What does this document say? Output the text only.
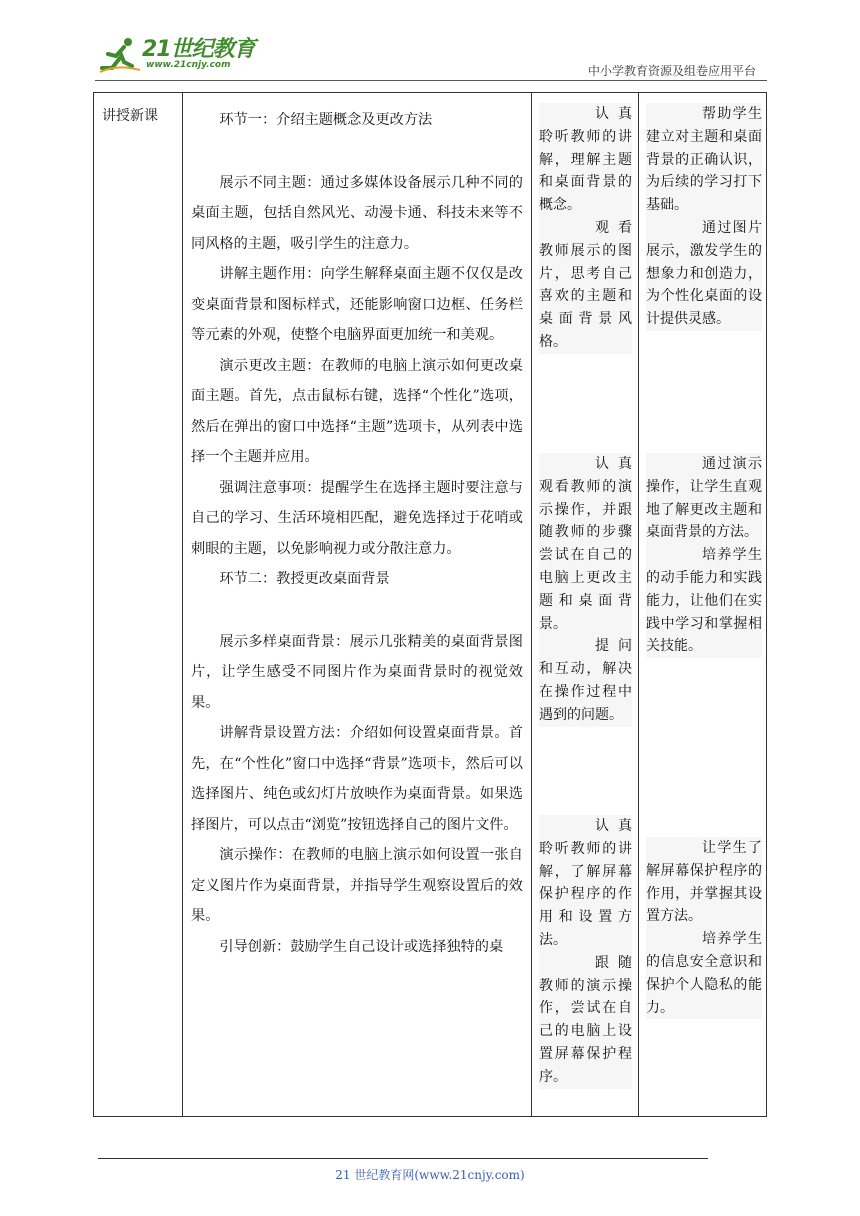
21世纪教育
www.21cnjy.com	中小学教育资源及组卷应用平台
讲授新课	环节一：介绍主题概念及更改方法

展示不同主题：通过多媒体设备展示几种不同的桌面主题，包括自然风光、动漫卡通、科技未来等不同风格的主题，吸引学生的注意力。

讲解主题作用：向学生解释桌面主题不仅仅是改变桌面背景和图标样式，还能影响窗口边框、任务栏等元素的外观，使整个电脑界面更加统一和美观。

演示更改主题：在教师的电脑上演示如何更改桌面主题。首先，点击鼠标右键，选择“个性化”选项，然后在弹出的窗口中选择“主题”选项卡，从列表中选择一个主题并应用。

强调注意事项：提醒学生在选择主题时要注意与自己的学习、生活环境相匹配，避免选择过于花哨或刺眼的主题，以免影响视力或分散注意力。

环节二：教授更改桌面背景

展示多样桌面背景：展示几张精美的桌面背景图片，让学生感受不同图片作为桌面背景时的视觉效果。

讲解背景设置方法：介绍如何设置桌面背景。首先，在“个性化”窗口中选择“背景”选项卡，然后可以选择图片、纯色或幻灯片放映作为桌面背景。如果选择图片，可以点击“浏览”按钮选择自己的图片文件。

演示操作：在教师的电脑上演示如何设置一张自定义图片作为桌面背景，并指导学生观察设置后的效果。

引导创新：鼓励学生自己设计或选择独特的桌

认真聆听教师的讲解，理解主题和桌面背景的概念。

观看教师展示的图片，思考自己喜欢的主题和桌面背景风格。

认真观看教师的演示操作，并跟随教师的步骤尝试在自己的电脑上更改主题和桌面背景。

提问和互动，解决在操作过程中遇到的问题。

认真聆听教师的讲解，了解屏幕保护程序的作用和设置方法。

跟随教师的演示操作，尝试在自己的电脑上设置屏幕保护程序。

帮助学生建立对主题和桌面背景的正确认识，为后续的学习打下基础。

通过图片展示，激发学生的想象力和创造力，为个性化桌面的设计提供灵感。

通过演示操作，让学生直观地了解更改主题和桌面背景的方法。

培养学生的动手能力和实践能力，让他们在实践中学习和掌握相关技能。

让学生了解屏幕保护程序的作用，并掌握其设置方法。

培养学生的信息安全意识和保护个人隐私的能力。

21 世纪教育网(www.21cnjy.com)
